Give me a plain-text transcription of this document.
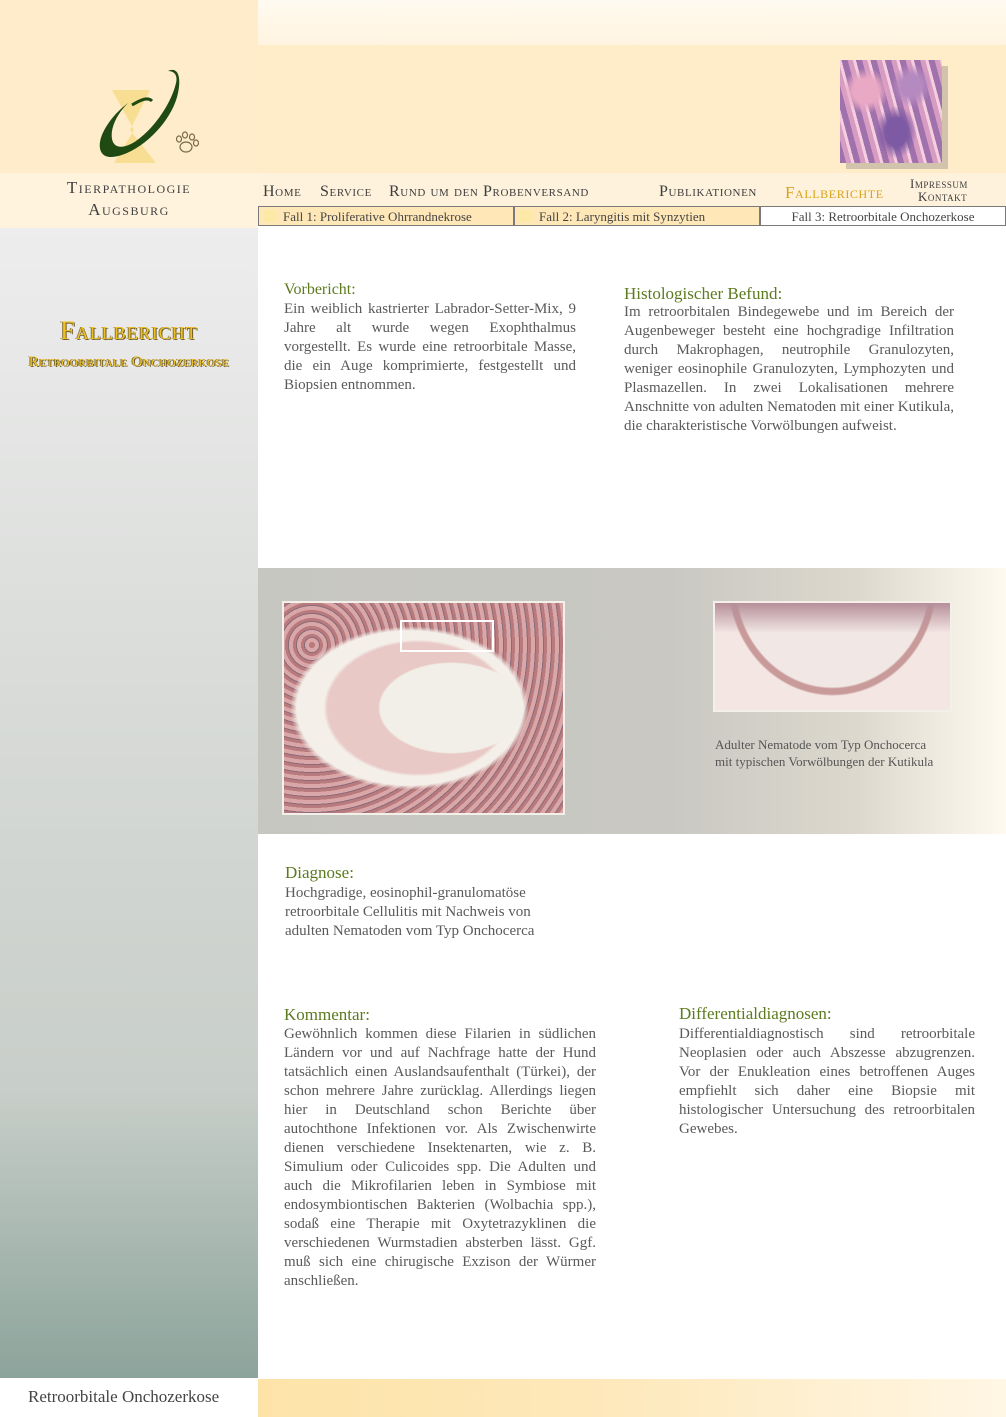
Tierpathologie
Augsburg
Home Service Rund um den Probenversand	Publikationen Fallberichte Impressum
Kontakt
Fall 1: Proliferative Ohrrandnekrose	Fall 2: Laryngitis mit Synzytien	Fall 3: Retroorbitale Onchozerkose
Fallbericht
Retroorbitale Onchozerkose
Vorbericht:
Ein weiblich kastrierter Labrador-Setter-Mix, 9 Jahre alt wurde wegen Exophthalmus vorgestellt. Es wurde eine retroorbitale Masse, die ein Auge komprimierte, festgestellt und Biopsien entnommen.
Histologischer Befund:
Im retroorbitalen Bindegewebe und im Bereich der Augenbeweger besteht eine hochgradige Infiltration durch Makrophagen, neutrophile Granulozyten, weniger eosinophile Granulozyten, Lymphozyten und Plasmazellen. In zwei Lokalisationen mehrere Anschnitte von adulten Nematoden mit einer Kutikula, die charakteristische Vorwölbungen aufweist.
Adulter Nematode vom Typ Onchocerca
mit typischen Vorwölbungen der Kutikula
Diagnose:
Hochgradige, eosinophil-granulomatöse retroorbitale Cellulitis mit Nachweis von adulten Nematoden vom Typ Onchocerca
Kommentar:
Gewöhnlich kommen diese Filarien in südlichen Ländern vor und auf Nachfrage hatte der Hund tatsächlich einen Auslandsaufenthalt (Türkei), der schon mehrere Jahre zurücklag. Allerdings liegen hier in Deutschland schon Berichte über autochthone Infektionen vor. Als Zwischenwirte dienen verschiedene Insektenarten, wie z. B. Simulium oder Culicoides spp. Die Adulten und auch die Mikrofilarien leben in Symbiose mit endosymbiontischen Bakterien (Wolbachia spp.), sodaß eine Therapie mit Oxytetrazyklinen die verschiedenen Wurmstadien absterben lässt. Ggf. muß sich eine chirugische Exzison der Würmer anschließen.
Differentialdiagnosen:
Differentialdiagnostisch sind retroorbitale Neoplasien oder auch Abszesse abzugrenzen. Vor der Enukleation eines betroffenen Auges empfiehlt sich daher eine Biopsie mit histologischer Untersuchung des retroorbitalen Gewebes.
Retroorbitale Onchozerkose
